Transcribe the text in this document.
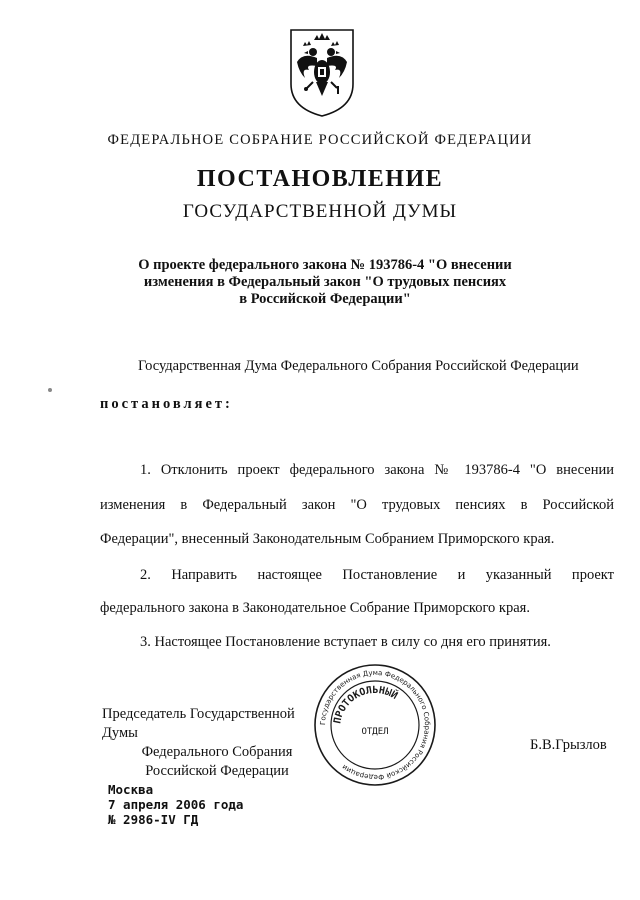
ФЕДЕРАЛЬНОЕ СОБРАНИЕ РОССИЙСКОЙ ФЕДЕРАЦИИ
ПОСТАНОВЛЕНИЕ
ГОСУДАРСТВЕННОЙ ДУМЫ
О проекте федерального закона № 193786-4 "О внесении
изменения в Федеральный закон "О трудовых пенсиях
в Российской Федерации"
Государственная Дума Федерального Собрания Российской Федерации
постановляет:
1. Отклонить проект федерального закона № 193786-4 "О внесении
изменения в Федеральный закон "О трудовых пенсиях в Российской
Федерации", внесенный Законодательным Собранием Приморского края.
2. Направить настоящее Постановление и указанный проект
федерального закона в Законодательное Собрание Приморского края.
3. Настоящее Постановление вступает в силу со дня его принятия.
Председатель Государственной Думы
Федерального Собрания
Российской Федерации
Государственная Дума Федерального Собрания Российской Федерации
ПРОТОКОЛЬНЫЙ
ОТДЕЛ
Б.В.Грызлов
Москва
7 апреля 2006 года
№ 2986-IV ГД
